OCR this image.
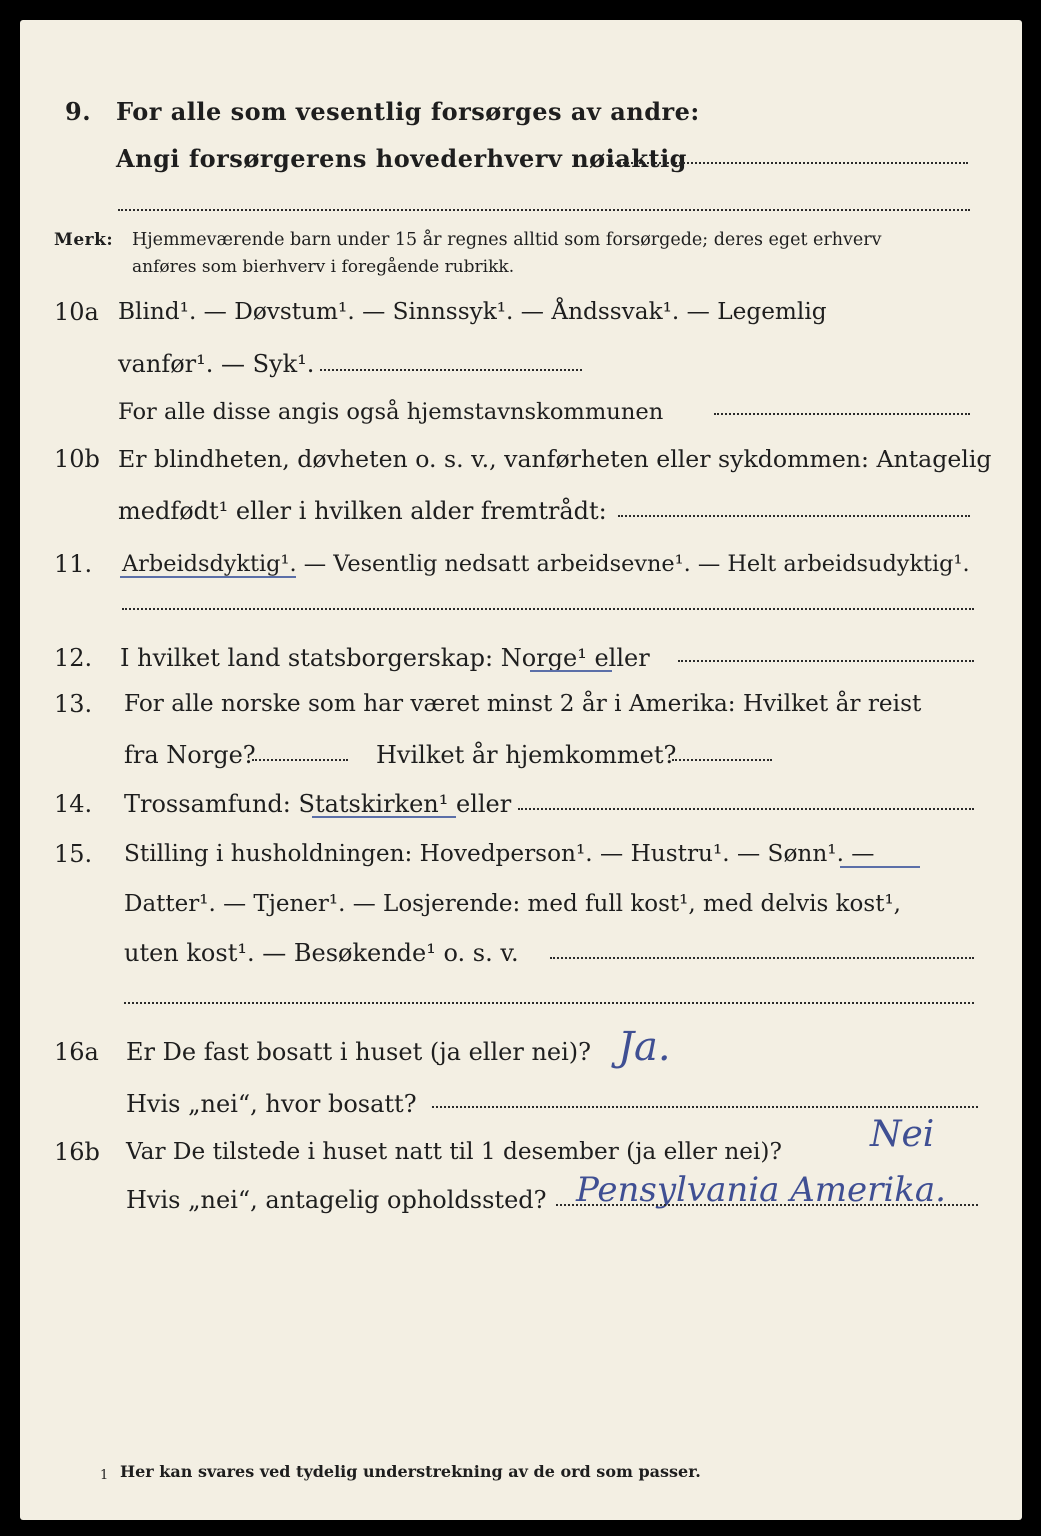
9. For alle som vesentlig forsørges av andre:
Angi forsørgerens hovederhverv nøiaktig
Merk: Hjemmeværende barn under 15 år regnes alltid som forsørgede; deres eget erhverv
anføres som bierhverv i foregående rubrikk.
10a Blind¹. — Døvstum¹. — Sinnssyk¹. — Åndssvak¹. — Legemlig
vanfør¹. — Syk¹.
For alle disse angis også hjemstavnskommunen
10b Er blindheten, døvheten o. s. v., vanførheten eller sykdommen: Antagelig
medfødt¹ eller i hvilken alder fremtrådt:
11. Arbeidsdyktig¹. — Vesentlig nedsatt arbeidsevne¹. — Helt arbeidsudyktig¹.
12. I hvilket land statsborgerskap: Norge¹ eller
13. For alle norske som har været minst 2 år i Amerika: Hvilket år reist
fra Norge?	Hvilket år hjemkommet?
14. Trossamfund: Statskirken¹ eller
15. Stilling i husholdningen: Hovedperson¹. — Hustru¹. — Sønn¹. —
Datter¹. — Tjener¹. — Losjerende: med full kost¹, med delvis kost¹,
uten kost¹. — Besøkende¹ o. s. v.
16a Er De fast bosatt i huset (ja eller nei)? Ja.
Hvis „nei“, hvor bosatt?
16b Var De tilstede i huset natt til 1 desember (ja eller nei)? Nei
Hvis „nei“, antagelig opholdssted? Pensylvania Amerika.
1 Her kan svares ved tydelig understrekning av de ord som passer.
